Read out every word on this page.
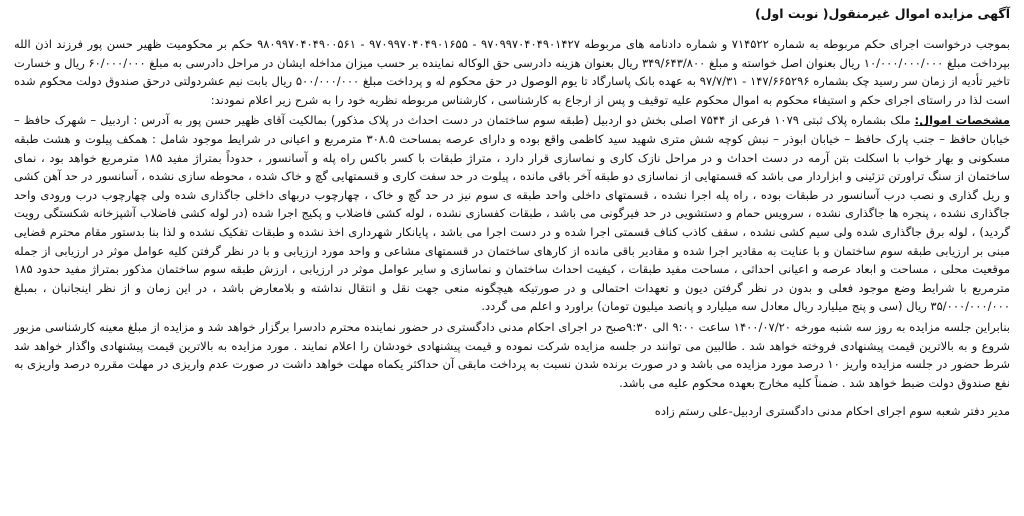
آگهی مزایده اموال غیرمنقول( نوبت اول)

بموجب درخواست اجرای حکم مربوطه به شماره ۷۱۴۵۲۲ و شماره دادنامه های مربوطه ۹۷۰۹۹۷۰۴۰۴۹۰۱۴۲۷ - ۹۷۰۹۹۷۰۴۰۴۹۰۱۶۵۵ - ۹۸۰۹۹۷۰۴۰۴۹۰۰۵۶۱ حکم بر محکومیت ظهیر حسن پور فرزند اذن الله بپرداخت مبلغ ۱۰/۰۰۰/۰۰۰/۰۰۰ ریال بعنوان اصل خواسته و مبلغ ۳۴۹/۶۴۳/۸۰۰ ریال بعنوان هزینه دادرسی حق الوکاله نماینده بر حسب میزان مداخله ایشان در مراحل دادرسی به مبلغ ۶۰/۰۰۰/۰۰۰ ریال و خسارت تاخیر تأدیه از زمان سر رسید چک بشماره ۱۴۷/۶۶۵۲۹۶ - ۹۷/۷/۳۱ به عهده بانک پاسارگاد تا یوم الوصول در حق محکوم له و پرداخت مبلغ ۵۰۰/۰۰۰/۰۰۰ ریال بابت نیم عشردولتی درحق صندوق دولت محکوم شده است لذا در راستای اجرای حکم و استیفاء محکوم به اموال محکوم علیه توقیف و پس از ارجاع به کارشناسی ، کارشناس مربوطه نظریه خود را به شرح زیر اعلام نمودند:

مشخصات اموال: ملک بشماره پلاک ثبتی ۱۰۷۹ فرعی از ۷۵۴۴ اصلی بخش دو اردبیل (طبقه سوم ساختمان در دست احداث در پلاک مذکور) بمالکیت آقای ظهیر حسن پور به آدرس : اردبیل – شهرک حافظ – خیابان حافظ – جنب پارک حافظ – خیابان ابوذر – نبش کوچه شش متری شهید سید کاظمی واقع بوده و دارای عرصه بمساحت ۳۰۸.۵ مترمربع و اعیانی در شرایط موجود شامل : همکف پیلوت و هشت طبقه مسکونی و بهار خواب با اسکلت بتن آرمه در دست احداث و در مراحل نازک کاری و نماسازی قرار دارد ، متراژ طبقات با کسر باکس راه پله و آسانسور ، حدوداً بمتراژ مفید ۱۸۵ مترمربع خواهد بود ، نمای ساختمان از سنگ تراورتن تزئینی و ابزاردار می باشد که قسمتهایی از نماسازی دو طبقه آخر باقی مانده ، پیلوت در حد سفت کاری و قسمتهایی گچ و خاک شده ، محوطه سازی نشده ، آسانسور در حد آهن کشی و ریل گذاری و نصب درب آسانسور در طبقات بوده ، راه پله اجرا نشده ، قسمتهای داخلی واحد طبقه ی سوم نیز در حد گچ و خاک ، چهارچوب دربهای داخلی جاگذاری شده ولی چهارچوب درب ورودی واحد جاگذاری نشده ، پنجره ها جاگذاری نشده ، سرویس حمام و دستشویی در حد فیرگونی می باشد ، طبقات کفسازی نشده ، لوله کشی فاضلاب و پکیج اجرا شده (در لوله کشی فاضلاب آشپزخانه شکستگی رویت گردید) ، لوله برق جاگذاری شده ولی سیم کشی نشده ، سقف کاذب کناف قسمتی اجرا شده و در دست اجرا می باشد ، پایانکار شهرداری اخذ نشده و طبقات تفکیک نشده و لذا بنا بدستور مقام محترم قضایی مبنی بر ارزیابی طبقه سوم ساختمان و با عنایت به مقادیر اجرا شده و مقادیر باقی مانده از کارهای ساختمان در قسمتهای مشاعی و واحد مورد ارزیابی و با در نظر گرفتن کلیه عوامل موثر در ارزیابی از جمله موقعیت محلی ، مساحت و ابعاد عرصه و اعیانی احداثی ، مساحت مفید طبقات ، کیفیت احداث ساختمان و نماسازی و سایر عوامل موثر در ارزیابی ، ارزش طبقه سوم ساختمان مذکور بمتراژ مفید حدود ۱۸۵ مترمربع با شرایط وضع موجود فعلی و بدون در نظر گرفتن دیون و تعهدات احتمالی و در صورتیکه هیچگونه منعی جهت نقل و انتقال نداشته و بلامعارض باشد ، در این زمان و از نظر اینجانبان ، بمبلغ ۳۵/۰۰۰/۰۰۰/۰۰۰ ریال (سی و پنج میلیارد ریال معادل سه میلیارد و پانصد میلیون تومان) براورد و اعلم می گردد.

بنابراین جلسه مزایده به روز سه شنبه مورخه ۱۴۰۰/۰۷/۲۰ ساعت ۹:۰۰ الی ۹:۳۰صبح در اجرای احکام مدنی دادگستری در حضور نماینده محترم دادسرا برگزار خواهد شد و مزایده از مبلغ معینه کارشناسی مزبور شروع و به بالاترین قیمت پیشنهادی فروخته خواهد شد . طالبین می توانند در جلسه مزایده شرکت نموده و قیمت پیشنهادی خودشان را اعلام نمایند . مورد مزایده به بالاترین قیمت پیشنهادی واگذار خواهد شد شرط حضور در جلسه مزایده واریز ۱۰ درصد مورد مزایده می باشد و در صورت برنده شدن نسبت به پرداخت مابقی آن حداکثر یکماه مهلت خواهد داشت در صورت عدم واریزی در مهلت مقرره درصد واریزی به نفع صندوق دولت ضبط خواهد شد . ضمناً کلیه مخارج بعهده محکوم علیه می باشد.

مدیر دفتر شعبه سوم اجرای احکام مدنی دادگستری اردبیل-علی رستم زاده
